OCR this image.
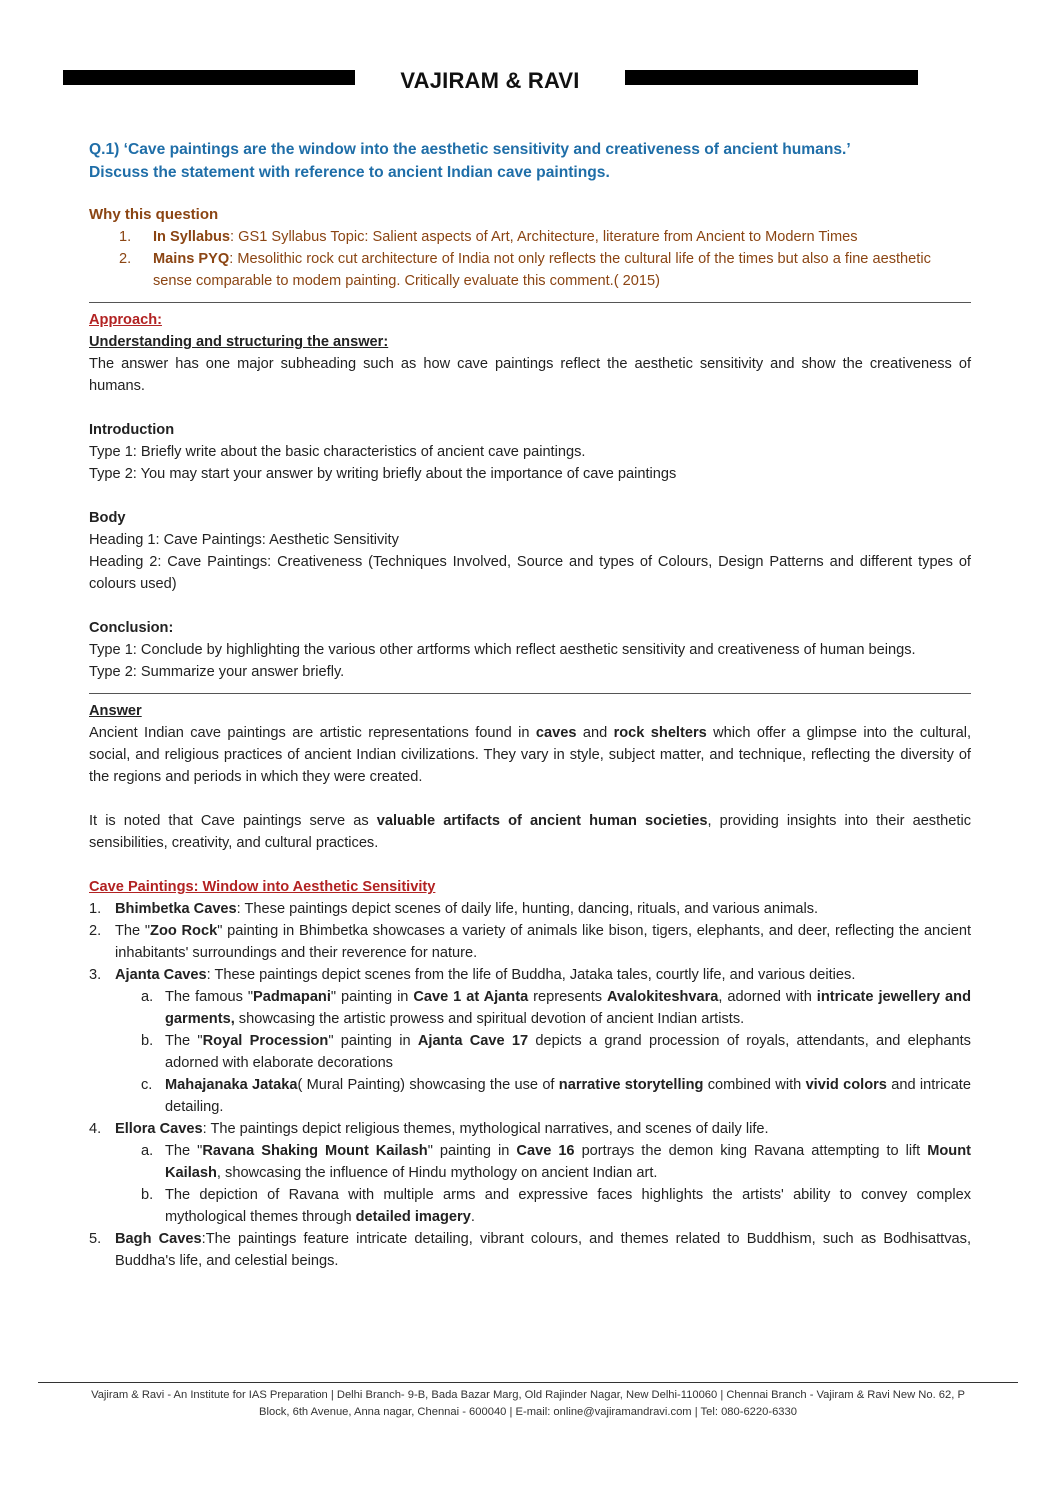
VAJIRAM & RAVI
Q.1) ‘Cave paintings are the window into the aesthetic sensitivity and creativeness of ancient humans.’
Discuss the statement with reference to ancient Indian cave paintings.
Why this question
1. In Syllabus: GS1 Syllabus Topic: Salient aspects of Art, Architecture, literature from Ancient to Modern Times
2. Mains PYQ: Mesolithic rock cut architecture of India not only reflects the cultural life of the times but also a fine aesthetic sense comparable to modem painting. Critically evaluate this comment.( 2015)
Approach:
Understanding and structuring the answer:

The answer has one major subheading such as how cave paintings reflect the aesthetic sensitivity and show the creativeness of humans.

Introduction
Type 1: Briefly write about the basic characteristics of ancient cave paintings.
Type 2: You may start your answer by writing briefly about the importance of cave paintings
Body
Heading 1: Cave Paintings: Aesthetic Sensitivity

Heading 2: Cave Paintings: Creativeness (Techniques Involved, Source and types of Colours, Design Patterns and different types of colours used)

Conclusion:

Type 1: Conclude by highlighting the various other artforms which reflect aesthetic sensitivity and creativeness of human beings.

Type 2: Summarize your answer briefly.
Answer

Ancient Indian cave paintings are artistic representations found in caves and rock shelters which offer a glimpse into the cultural, social, and religious practices of ancient Indian civilizations. They vary in style, subject matter, and technique, reflecting the diversity of the regions and periods in which they were created.

It is noted that Cave paintings serve as valuable artifacts of ancient human societies, providing insights into their aesthetic sensibilities, creativity, and cultural practices.

Cave Paintings: Window into Aesthetic Sensitivity
1. Bhimbetka Caves: These paintings depict scenes of daily life, hunting, dancing, rituals, and various animals.
2. The "Zoo Rock" painting in Bhimbetka showcases a variety of animals like bison, tigers, elephants, and deer, reflecting the ancient inhabitants' surroundings and their reverence for nature.
3. Ajanta Caves: These paintings depict scenes from the life of Buddha, Jataka tales, courtly life, and various deities.
a. The famous "Padmapani" painting in Cave 1 at Ajanta represents Avalokiteshvara, adorned with intricate jewellery and garments, showcasing the artistic prowess and spiritual devotion of ancient Indian artists.
b. The "Royal Procession" painting in Ajanta Cave 17 depicts a grand procession of royals, attendants, and elephants adorned with elaborate decorations
c. Mahajanaka Jataka( Mural Painting) showcasing the use of narrative storytelling combined with vivid colors and intricate detailing.
4. Ellora Caves: The paintings depict religious themes, mythological narratives, and scenes of daily life.
a. The "Ravana Shaking Mount Kailash" painting in Cave 16 portrays the demon king Ravana attempting to lift Mount Kailash, showcasing the influence of Hindu mythology on ancient Indian art.
b. The depiction of Ravana with multiple arms and expressive faces highlights the artists' ability to convey complex mythological themes through detailed imagery.
5. Bagh Caves:The paintings feature intricate detailing, vibrant colours, and themes related to Buddhism, such as Bodhisattvas, Buddha's life, and celestial beings.
Vajiram & Ravi - An Institute for IAS Preparation | Delhi Branch- 9-B, Bada Bazar Marg, Old Rajinder Nagar, New Delhi-110060 | Chennai Branch - Vajiram & Ravi New No. 62, P
Block, 6th Avenue, Anna nagar, Chennai - 600040 | E-mail: online@vajiramandravi.com | Tel: 080-6220-6330
